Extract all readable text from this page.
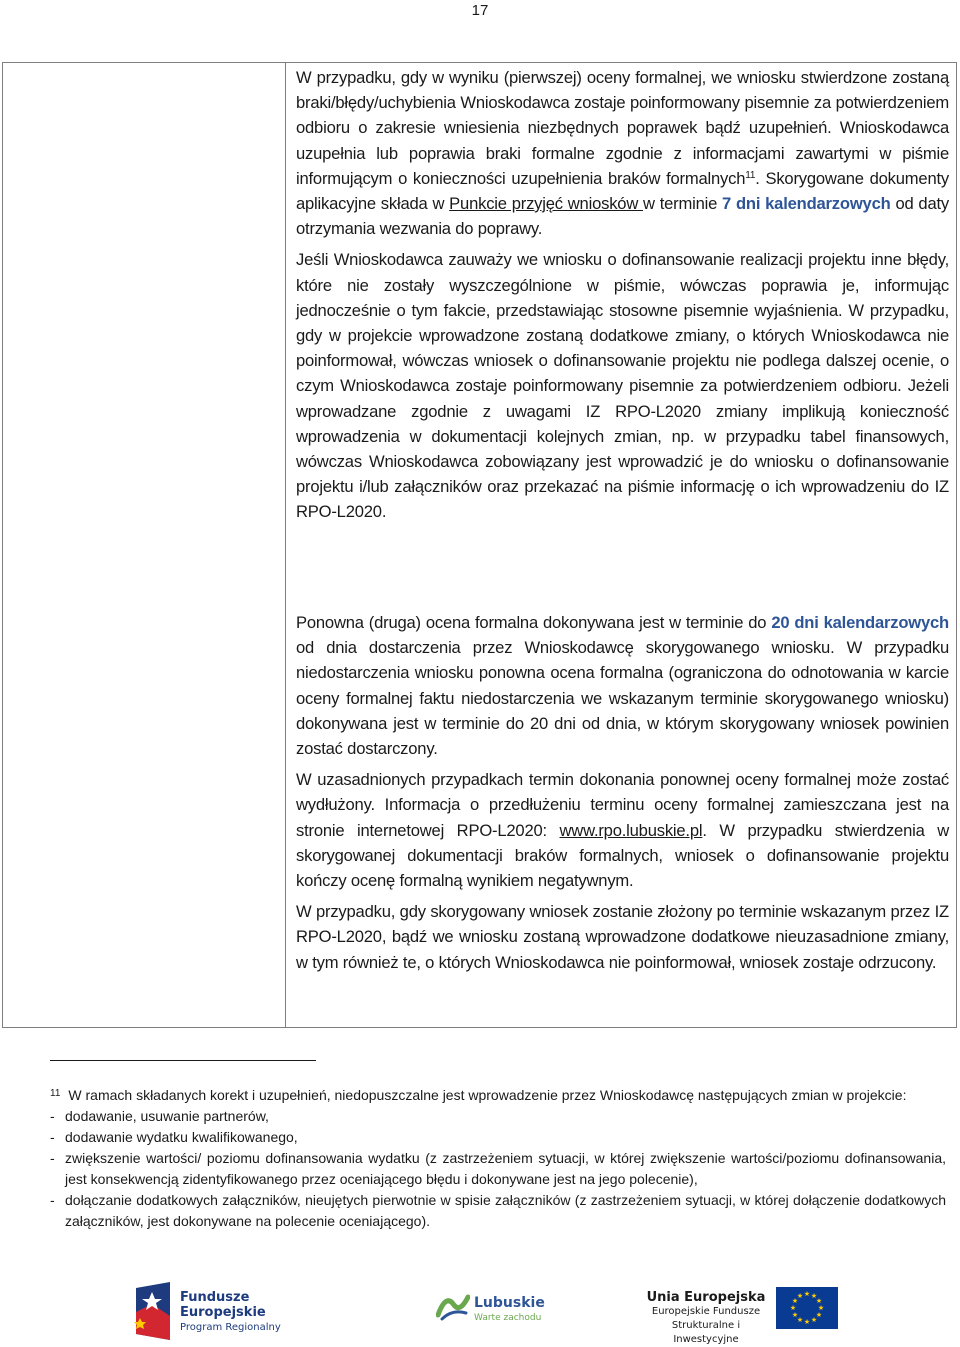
17

W przypadku, gdy w wyniku (pierwszej) oceny formalnej, we wniosku stwierdzone zostaną braki/błędy/uchybienia Wnioskodawca zostaje poinformowany pisemnie za potwierdzeniem odbioru o zakresie wniesienia niezbędnych poprawek bądź uzupełnień. Wnioskodawca uzupełnia lub poprawia braki formalne zgodnie z informacjami zawartymi w piśmie informującym o konieczności uzupełnienia braków formalnych$^{11}$. Skorygowane dokumenty aplikacyjne składa w Punkcie przyjęć wniosków w terminie 7 dni kalendarzowych od daty otrzymania wezwania do poprawy.

Jeśli Wnioskodawca zauważy we wniosku o dofinansowanie realizacji projektu inne błędy, które nie zostały wyszczególnione w piśmie, wówczas poprawia je, informując jednocześnie o tym fakcie, przedstawiając stosowne pisemnie wyjaśnienia. W przypadku, gdy w projekcie wprowadzone zostaną dodatkowe zmiany, o których Wnioskodawca nie poinformował, wówczas wniosek o dofinansowanie projektu nie podlega dalszej ocenie, o czym Wnioskodawca zostaje poinformowany pisemnie za potwierdzeniem odbioru. Jeżeli wprowadzane zgodnie z uwagami IZ RPO-L2020 zmiany implikują konieczność wprowadzenia w dokumentacji kolejnych zmian, np. w przypadku tabel finansowych, wówczas Wnioskodawca zobowiązany jest wprowadzić je do wniosku o dofinansowanie projektu i/lub załączników oraz przekazać na piśmie informację o ich wprowadzeniu do IZ RPO-L2020.

Ponowna (druga) ocena formalna dokonywana jest w terminie do 20 dni kalendarzowych od dnia dostarczenia przez Wnioskodawcę skorygowanego wniosku. W przypadku niedostarczenia wniosku ponowna ocena formalna (ograniczona do odnotowania w karcie oceny formalnej faktu niedostarczenia we wskazanym terminie skorygowanego wniosku) dokonywana jest w terminie do 20 dni od dnia, w którym skorygowany wniosek powinien zostać dostarczony.

W uzasadnionych przypadkach termin dokonania ponownej oceny formalnej może zostać wydłużony. Informacja o przedłużeniu terminu oceny formalnej zamieszczana jest na stronie internetowej RPO-L2020: www.rpo.lubuskie.pl. W przypadku stwierdzenia w skorygowanej dokumentacji braków formalnych, wniosek o dofinansowanie projektu kończy ocenę formalną wynikiem negatywnym.

W przypadku, gdy skorygowany wniosek zostanie złożony po terminie wskazanym przez IZ RPO-L2020, bądź we wniosku zostaną wprowadzone dodatkowe nieuzasadnione zmiany, w tym również te, o których Wnioskodawca nie poinformował, wniosek zostaje odrzucony.

$^{11}$ W ramach składanych korekt i uzupełnień, niedopuszczalne jest wprowadzenie przez Wnioskodawcę następujących zmian w projekcie:

- dodawanie, usuwanie partnerów,
- dodawanie wydatku kwalifikowanego,
- zwiększenie wartości/ poziomu dofinansowania wydatku (z zastrzeżeniem sytuacji, w której zwiększenie wartości/poziomu dofinansowania, jest konsekwencją zidentyfikowanego przez oceniającego błędu i dokonywane jest na jego polecenie),
- dołączanie dodatkowych załączników, nieujętych pierwotnie w spisie załączników (z zastrzeżeniem sytuacji, w której dołączenie dodatkowych załączników, jest dokonywane na polecenie oceniającego).
Fundusze
Europejskie
Program Regionalny
Lubuskie
Warte zachodu
Unia Europejska
Europejskie Fundusze
Strukturalne i Inwestycyjne
★ ★
★
★
★
★
★
★
★
★
★
★
